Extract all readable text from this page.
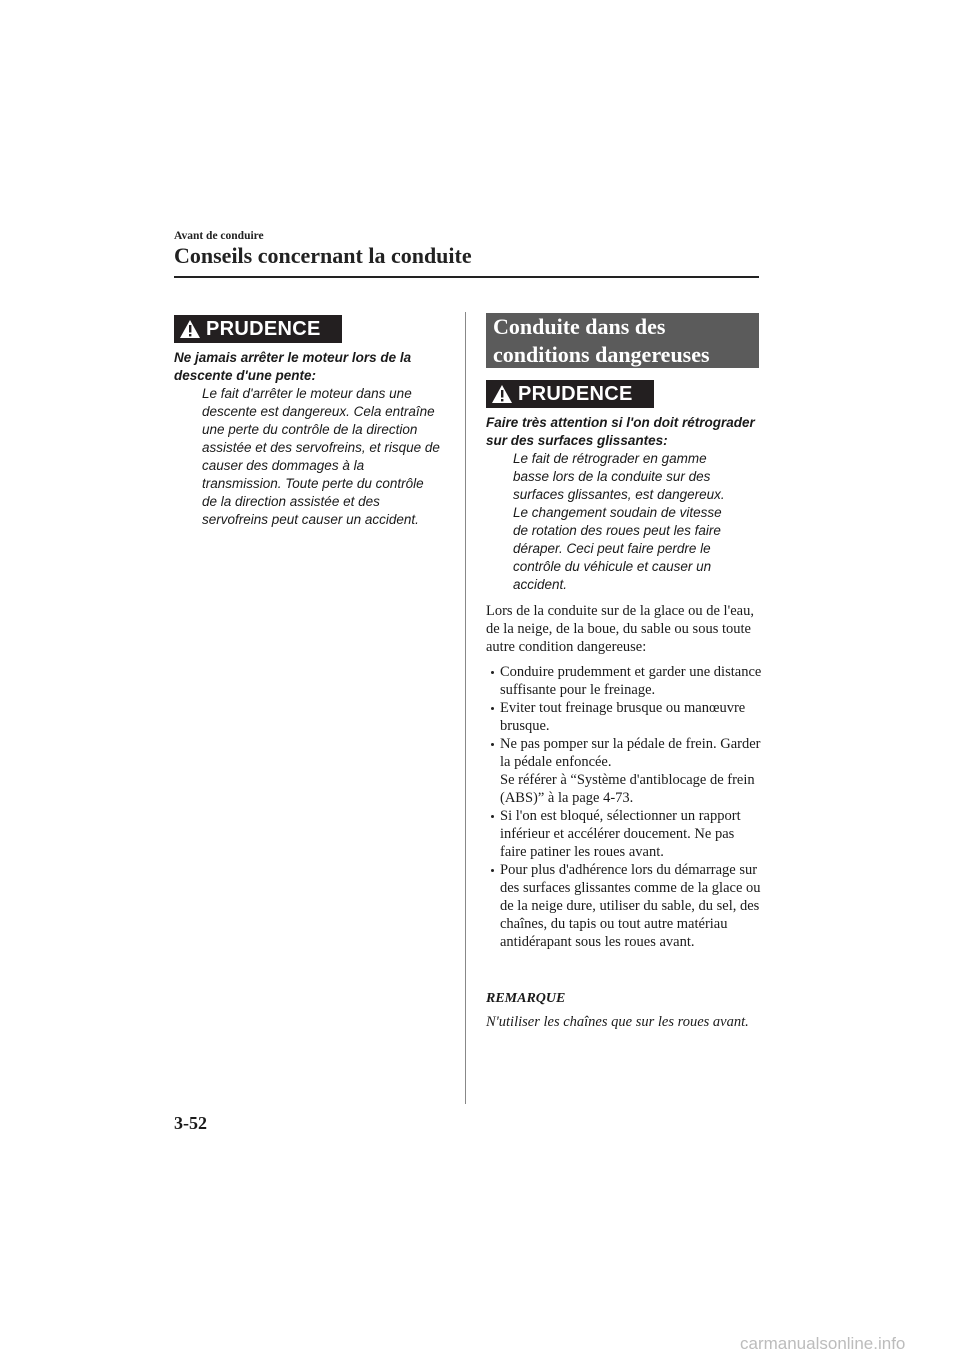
Avant de conduire
Conseils concernant la conduite
PRUDENCE
Ne jamais arrêter le moteur lors de la descente d'une pente:
Le fait d'arrêter le moteur dans une descente est dangereux. Cela entraîne une perte du contrôle de la direction assistée et des servofreins, et risque de causer des dommages à la transmission. Toute perte du contrôle de la direction assistée et des servofreins peut causer un accident.
Conduite dans des conditions dangereuses
PRUDENCE
Faire très attention si l'on doit rétrograder sur des surfaces glissantes:
Le fait de rétrograder en gamme basse lors de la conduite sur des surfaces glissantes, est dangereux. Le changement soudain de vitesse de rotation des roues peut les faire déraper. Ceci peut faire perdre le contrôle du véhicule et causer un accident.
Lors de la conduite sur de la glace ou de l'eau, de la neige, de la boue, du sable ou sous toute autre condition dangereuse:
Conduire prudemment et garder une distance suffisante pour le freinage.
Eviter tout freinage brusque ou manœuvre brusque.
Ne pas pomper sur la pédale de frein. Garder la pédale enfoncée.
Se référer à “Système d'antiblocage de frein (ABS)” à la page 4-73.
Si l'on est bloqué, sélectionner un rapport inférieur et accélérer doucement. Ne pas faire patiner les roues avant.
Pour plus d'adhérence lors du démarrage sur des surfaces glissantes comme de la glace ou de la neige dure, utiliser du sable, du sel, des chaînes, du tapis ou tout autre matériau antidérapant sous les roues avant.
REMARQUE
N'utiliser les chaînes que sur les roues avant.
3-52
carmanualsonline.info
